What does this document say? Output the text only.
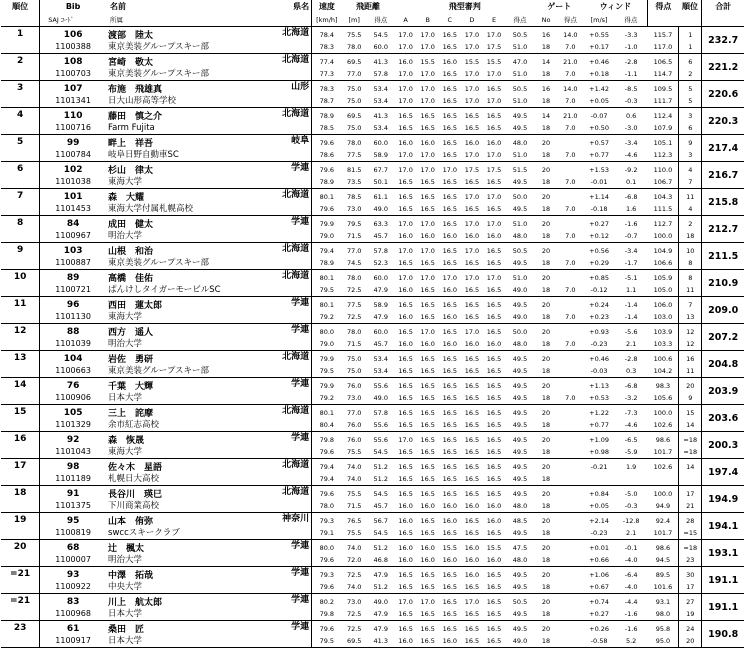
順位	Bib	名前 県名	速度	飛距離		飛型審判						ゲート		ウィンド		得点	順位	合計
	SAJ ｺｰﾄﾞ	所属	[km/h]	[m]	得点	A	B	C	D	E	得点	No	得点	[m/s]	得点			
1	106	渡部　陸太 北海道	78.4	75.5	54.5	17.0	17.0	16.5	17.0	17.0	50.5	16	14.0	+0.55	-3.3	115.7	1	232.7
	1100388	東京美装グループスキー部	78.3	78.0	60.0	17.0	17.0	16.5	17.0	17.5	51.0	18	7.0	+0.17	-1.0	117.0	1	
2	108	宮崎　敬太 北海道	77.4	69.5	41.3	16.0	15.5	16.0	15.5	15.5	47.0	14	21.0	+0.46	-2.8	106.5	6	221.2
	1100703	東京美装グループスキー部	77.3	77.0	57.8	17.0	17.0	16.5	17.0	17.0	51.0	18	7.0	+0.18	-1.1	114.7	2	
3	107	布施　飛雄真 山形	78.3	75.0	53.4	17.0	17.0	16.5	17.0	16.5	50.5	16	14.0	+1.42	-8.5	109.5	5	220.6
	1101341	日大山形高等学校	78.7	75.0	53.4	17.0	17.0	16.5	17.0	17.0	51.0	18	7.0	+0.05	-0.3	111.7	5	
4	110	藤田　慎之介 北海道	78.9	69.5	41.3	16.5	16.5	16.5	16.5	16.5	49.5	14	21.0	-0.07	0.6	112.4	3	220.3
	1100716	Farm Fujita	78.5	75.0	53.4	16.5	16.5	16.5	16.5	16.5	49.5	18	7.0	+0.50	-3.0	107.9	6	
5	99	畔上　祥吾 岐阜	79.6	78.0	60.0	16.0	16.0	16.5	16.0	16.0	48.0	20		+0.57	-3.4	105.1	9	217.4
	1100784	岐阜日野自動車SC	78.6	77.5	58.9	17.0	17.0	16.5	17.0	17.0	51.0	18	7.0	+0.77	-4.6	112.3	3	
6	102	杉山　律太 学連	79.6	81.5	67.7	17.0	17.0	17.0	17.5	17.5	51.5	20		+1.53	-9.2	110.0	4	216.7
	1101038	東海大学	78.9	73.5	50.1	16.5	16.5	16.5	16.5	16.5	49.5	18	7.0	-0.01	0.1	106.7	7	
7	101	森　大耀 北海道	80.1	78.5	61.1	16.5	16.5	16.5	17.0	17.0	50.0	20		+1.14	-6.8	104.3	11	215.8
	1101453	東海大学付属札幌高校	79.6	73.0	49.0	16.5	16.5	16.5	16.5	16.5	49.5	18	7.0	-0.18	1.6	111.5	4	
8	84	成田　健太 学連	79.9	79.5	63.3	17.0	17.0	16.5	17.0	17.0	51.0	20		+0.27	-1.6	112.7	2	212.7
	1100967	明治大学	79.0	71.5	45.7	16.0	16.0	16.0	16.0	16.0	48.0	18	7.0	+0.12	-0.7	100.0	18	
9	103	山根　和治 北海道	79.4	77.0	57.8	17.0	17.0	16.5	17.0	16.5	50.5	20		+0.56	-3.4	104.9	10	211.5
	1100887	東京美装グループスキー部	78.9	74.5	52.3	16.5	16.5	16.5	16.5	16.5	49.5	18	7.0	+0.29	-1.7	106.6	8	
10	89	高橋　佳佑 北海道	80.1	78.0	60.0	17.0	17.0	17.0	17.0	17.0	51.0	20		+0.85	-5.1	105.9	8	210.9
	1100721	ぱんけしタイガーモービルSC	79.5	72.5	47.9	16.0	16.5	16.0	16.5	16.5	49.0	18	7.0	-0.12	1.1	105.0	11	
11	96	西田　蓮太郎 学連	80.1	77.5	58.9	16.5	16.5	16.5	16.5	16.5	49.5	20		+0.24	-1.4	106.0	7	209.0
	1101130	東海大学	79.2	72.5	47.9	16.0	16.5	16.0	16.5	16.5	49.0	18	7.0	+0.23	-1.4	103.0	13	
12	88	西方　遥人 学連	80.0	78.0	60.0	16.5	17.0	16.5	17.0	16.5	50.0	20		+0.93	-5.6	103.9	12	207.2
	1101039	明治大学	79.0	71.5	45.7	16.0	16.0	16.0	16.0	16.0	48.0	18	7.0	-0.23	2.1	103.3	12	
13	104	岩佐　勇研 北海道	79.9	75.0	53.4	16.5	16.5	16.5	16.5	16.5	49.5	20		+0.46	-2.8	100.6	16	204.8
	1100663	東京美装グループスキー部	79.5	75.0	53.4	16.5	16.5	16.5	16.5	16.5	49.5	18		-0.03	0.3	104.2	11	
14	76	千葉　大輝 学連	79.9	76.0	55.6	16.5	16.5	16.5	16.5	16.5	49.5	20		+1.13	-6.8	98.3	20	203.9
	1100906	日本大学	79.2	73.0	49.0	16.5	16.5	16.5	16.5	16.5	49.5	18	7.0	+0.53	-3.2	105.6	9	
15	105	三上　詫摩 北海道	80.1	77.0	57.8	16.5	16.5	16.5	16.5	16.5	49.5	20		+1.22	-7.3	100.0	15	203.6
	1101329	余市紅志高校	80.4	76.0	55.6	16.5	16.5	16.5	16.5	16.5	49.5	18		+0.77	-4.6	102.6	14	
16	92	森　恢晟 学連	79.8	76.0	55.6	17.0	16.5	16.5	16.5	16.5	49.5	20		+1.09	-6.5	98.6	=18	200.3
	1101043	東海大学	79.6	75.5	54.5	16.5	16.5	16.5	16.5	16.5	49.5	18		+0.98	-5.9	101.7	=18	
17	98	佐々木　星語 北海道	79.4	74.0	51.2	16.5	16.5	16.5	16.5	16.5	49.5	20		-0.21	1.9	102.6	14	197.4
	1101189	札幌日大高校	79.4	74.0	51.2	16.5	16.5	16.5	16.5	16.5	49.5	18						
18	91	長谷川　瑛巳 北海道	79.6	75.5	54.5	16.5	16.5	16.5	16.5	16.5	49.5	20		+0.84	-5.0	100.0	17	194.9
	1101375	下川商業高校	78.0	71.5	45.7	16.0	16.0	16.0	16.0	16.0	48.0	18		+0.05	-0.3	94.9	21	
19	95	山本　侑弥 神奈川	79.3	76.5	56.7	16.0	16.5	16.0	16.5	16.0	48.5	20		+2.14	-12.8	92.4	28	194.1
	1100819	swccスキークラブ	79.1	75.5	54.5	16.5	16.5	16.5	16.5	16.5	49.5	18		-0.23	2.1	101.7	=15	
20	68	辻　楓太 学連	80.0	74.0	51.2	16.0	16.0	15.5	16.0	15.5	47.5	20		+0.01	-0.1	98.6	=18	193.1
	1100007	明治大学	79.6	72.0	46.8	16.0	16.0	16.0	16.0	16.0	48.0	18		+0.66	-4.0	94.5	23	
=21	93	中澤　拓哉 学連	79.3	72.5	47.9	16.5	16.5	16.5	16.0	16.5	49.5	20		+1.06	-6.4	89.5	30	191.1
	1100922	中央大学	79.6	74.0	51.2	16.5	16.5	16.5	16.5	16.5	49.5	18		+0.67	-4.0	101.6	17	
=21	83	川上　航太郎 学連	80.2	73.0	49.0	17.0	17.0	16.5	17.0	16.5	50.5	20		+0.74	-4.4	93.1	27	191.1
	1100968	日本大学	79.8	72.5	47.9	16.5	16.5	16.5	16.5	16.5	49.5	18		+0.27	-1.6	98.0	19	
23	61	桑田　匠 学連	79.6	72.5	47.9	16.5	16.5	16.5	16.5	16.5	49.5	20		+0.26	-1.6	95.8	24	190.8
	1100917	日本大学	79.5	69.5	41.3	16.0	16.5	16.0	16.5	16.5	49.0	18		-0.58	5.2	95.0	20	
